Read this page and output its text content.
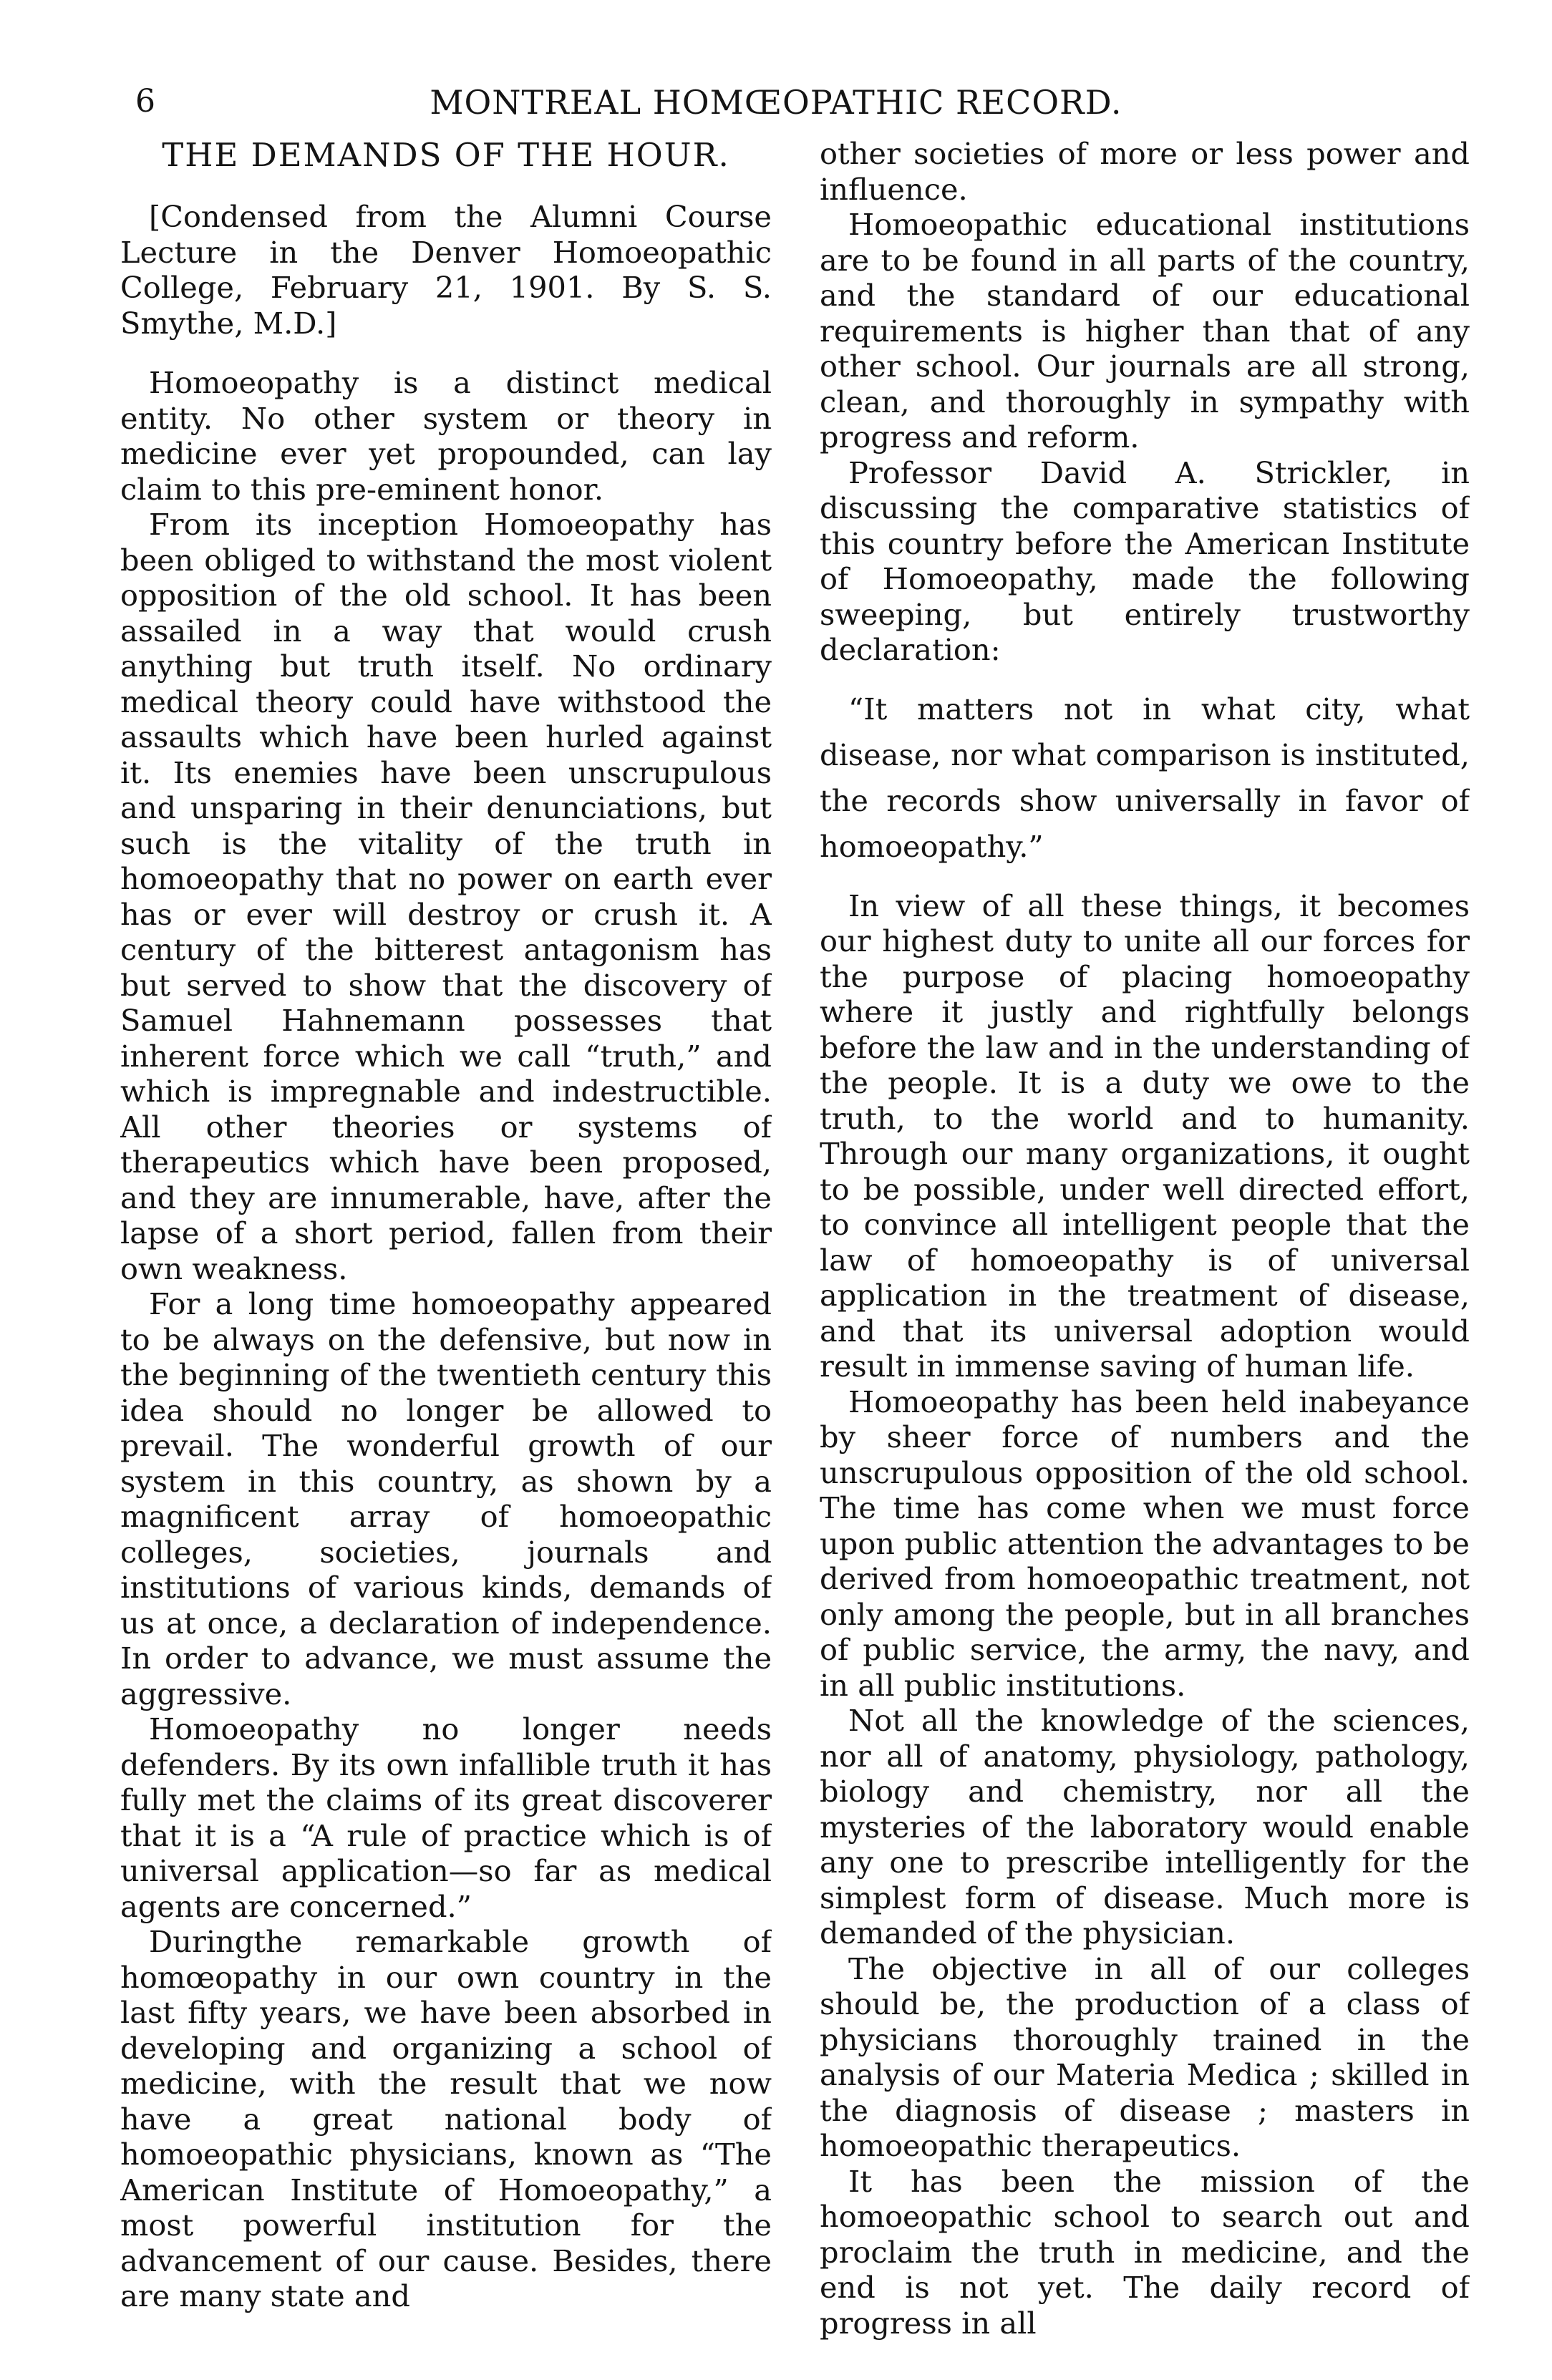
6	MONTREAL HOMŒOPATHIC RECORD.
THE DEMANDS OF THE HOUR.
[Condensed from the Alumni Course Lecture in the Denver Homoeopathic College, February 21, 1901. By S. S. Smythe, M.D.]

Homoeopathy is a distinct medical entity. No other system or theory in medicine ever yet propounded, can lay claim to this pre-eminent honor.

From its inception Homoeopathy has been obliged to withstand the most violent opposition of the old school. It has been assailed in a way that would crush anything but truth itself. No ordinary medical theory could have withstood the assaults which have been hurled against it. Its enemies have been unscrupulous and unsparing in their denunciations, but such is the vitality of the truth in homoeopathy that no power on earth ever has or ever will destroy or crush it. A century of the bitterest antagonism has but served to show that the discovery of Samuel Hahnemann possesses that inherent force which we call “truth,” and which is impregnable and indestructible. All other theories or systems of therapeutics which have been proposed, and they are innumerable, have, after the lapse of a short period, fallen from their own weakness.

For a long time homoeopathy appeared to be always on the defensive, but now in the beginning of the twentieth century this idea should no longer be allowed to prevail. The wonderful growth of our system in this country, as shown by a magnificent array of homoeopathic colleges, societies, journals and institutions of various kinds, demands of us at once, a declaration of independence. In order to advance, we must assume the aggressive.

Homoeopathy no longer needs defenders. By its own infallible truth it has fully met the claims of its great discoverer that it is a “A rule of practice which is of universal application—so far as medical agents are concerned.”

Duringthe remarkable growth of homœopathy in our own country in the last fifty years, we have been absorbed in developing and organizing a school of medicine, with the result that we now have a great national body of homoeopathic physicians, known as “The American Institute of Homoeopathy,” a most powerful institution for the advancement of our cause. Besides, there are many state and

other societies of more or less power and influence.

Homoeopathic educational institutions are to be found in all parts of the country, and the standard of our educational requirements is higher than that of any other school. Our journals are all strong, clean, and thoroughly in sympathy with progress and reform.

Professor David A. Strickler, in discussing the comparative statistics of this country before the American Institute of Homoeopathy, made the following sweeping, but entirely trustworthy declaration:

“It matters not in what city, what disease, nor what comparison is instituted, the records show universally in favor of homoeopathy.”

In view of all these things, it becomes our highest duty to unite all our forces for the purpose of placing homoeopathy where it justly and rightfully belongs before the law and in the understanding of the people. It is a duty we owe to the truth, to the world and to humanity. Through our many organizations, it ought to be possible, under well directed effort, to convince all intelligent people that the law of homoeopathy is of universal application in the treatment of disease, and that its universal adoption would result in immense saving of human life.

Homoeopathy has been held inabeyance by sheer force of numbers and the unscrupulous opposition of the old school. The time has come when we must force upon public attention the advantages to be derived from homoeopathic treatment, not only among the people, but in all branches of public service, the army, the navy, and in all public institutions.

Not all the knowledge of the sciences, nor all of anatomy, physiology, pathology, biology and chemistry, nor all the mysteries of the laboratory would enable any one to prescribe intelligently for the simplest form of disease. Much more is demanded of the physician.

The objective in all of our colleges should be, the production of a class of physicians thoroughly trained in the analysis of our Materia Medica ; skilled in the diagnosis of disease ; masters in homoeopathic therapeutics.

It has been the mission of the homoeopathic school to search out and proclaim the truth in medicine, and the end is not yet. The daily record of progress in all
